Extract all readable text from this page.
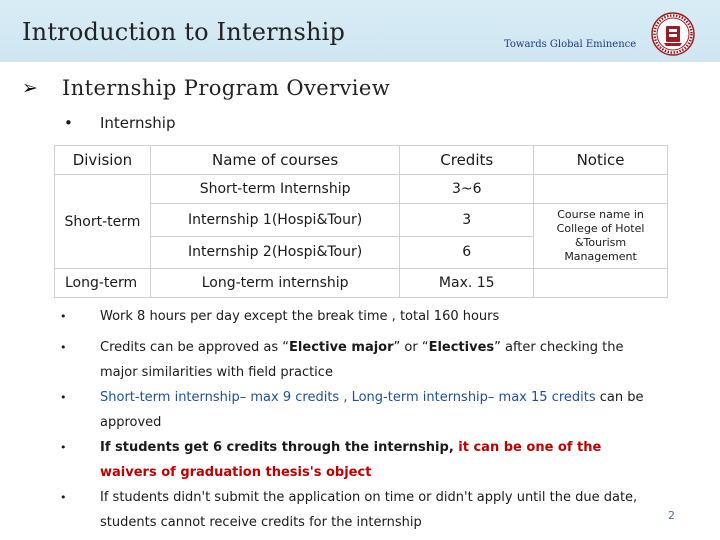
Introduction to Internship	Towards Global Eminence
➢	Internship Program Overview
•	Internship
Division	Name of courses	Credits	Notice
Short-term	Short-term Internship	3~6	
	Internship 1(Hospi&Tour)	3	Course name in College of Hotel &Tourism Management
	Internship 2(Hospi&Tour)	6	
Long-term	Long-term internship	Max. 15	
•	Work 8 hours per day except the break time , total 160 hours
•	Credits can be approved as “Elective major” or “Electives” after checking the major similarities with field practice
•	Short-term internship– max 9 credits , Long-term internship– max 15 credits can be approved
•	If students get 6 credits through the internship, it can be one of the waivers of graduation thesis's object
•	If students didn't submit the application on time or didn't apply until the due date, students cannot receive credits for the internship	2
